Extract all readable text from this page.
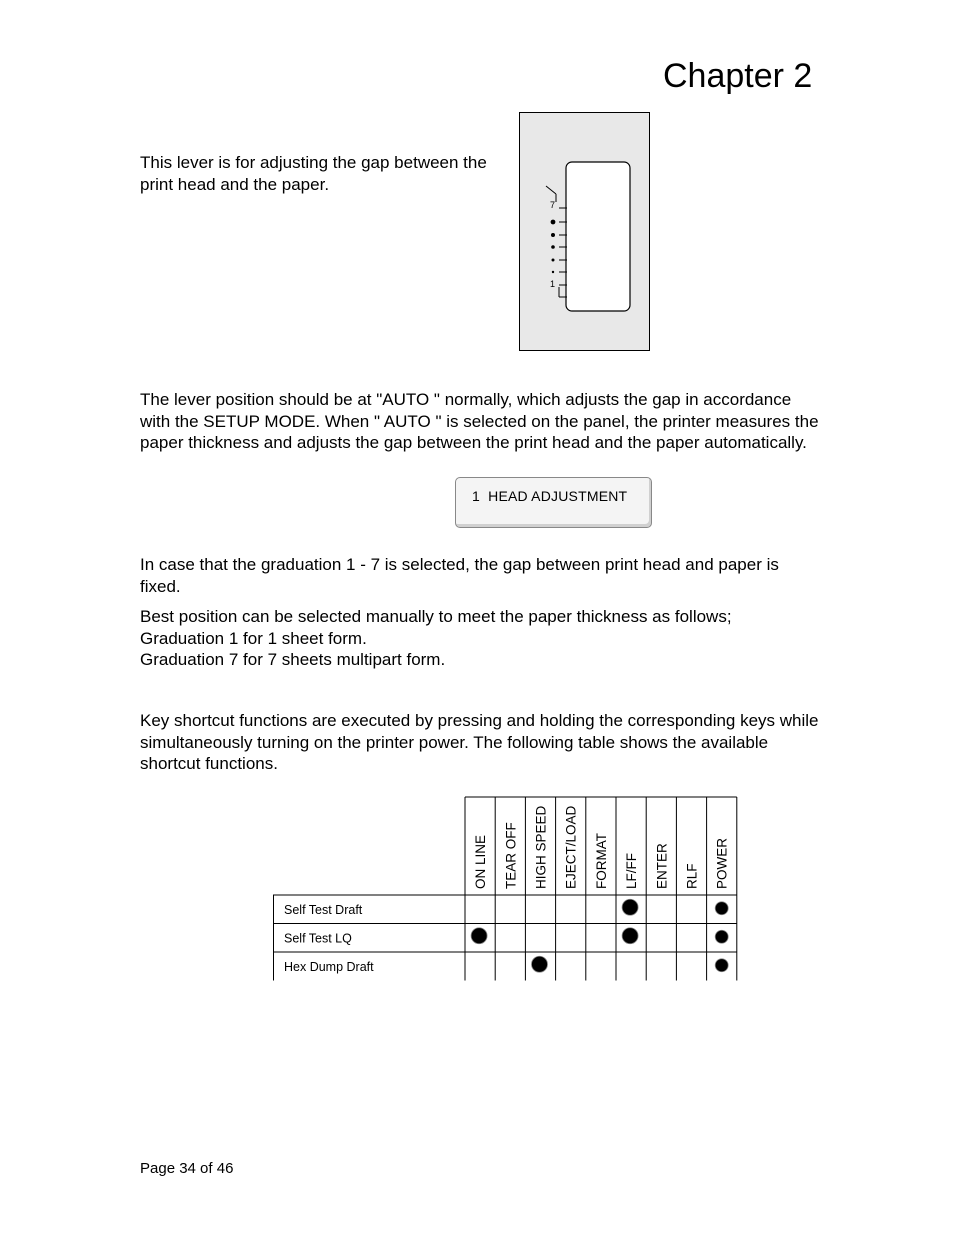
Chapter 2
This lever is for adjusting the gap between the print head and the paper.
7
1
The lever position should be at "AUTO " normally, which adjusts the gap in accordance with the SETUP MODE. When " AUTO " is selected on the panel, the printer measures the paper thickness and adjusts the gap between the print head and the paper automatically.
1  HEAD ADJUSTMENT
In case that the graduation 1 - 7 is selected, the gap between print head and paper is fixed.
Best position can be selected manually to meet the paper thickness as follows;
Graduation 1 for 1 sheet form.
Graduation 7 for 7 sheets multipart form.
Key shortcut functions are executed by pressing and holding the corresponding keys while simultaneously turning on the printer power. The following table shows the available shortcut functions.
ON LINE TEAR OFF HIGH SPEED EJECT/LOAD FORMAT LF/FF ENTER RLF POWER
Self Test Draft
Self Test LQ
Hex Dump Draft
Page 34 of 46
